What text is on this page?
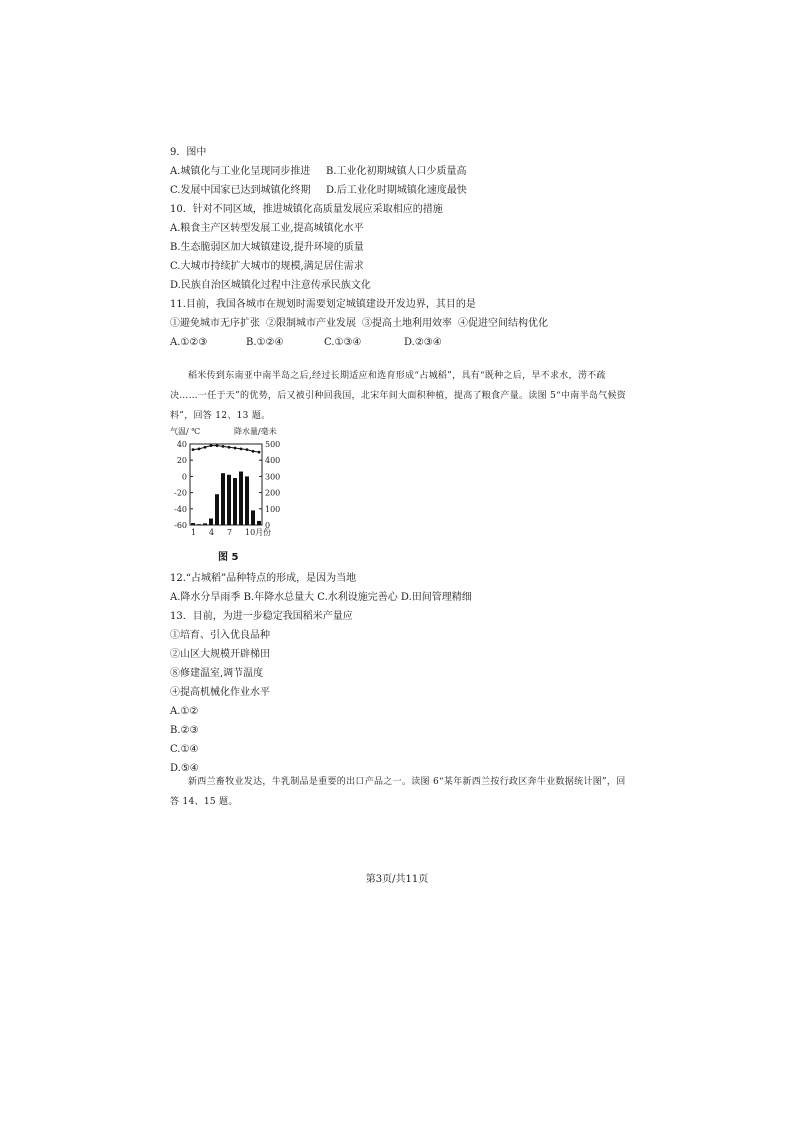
9．图中
A.城镇化与工业化呈现同步推进 B.工业化初期城镇人口少质量高
C.发展中国家已达到城镇化终期 D.后工业化时期城镇化速度最快
10．针对不同区域，推进城镇化高质量发展应采取相应的措施
A.粮食主产区转型发展工业,提高城镇化水平
B.生态脆弱区加大城镇建设,提升环境的质量
C.大城市持续扩大城市的规模,满足居住需求
D.民族自治区城镇化过程中注意传承民族文化
11.目前，我国各城市在规划时需要划定城镇建设开发边界，其目的是
①避免城市无序扩张 ②限制城市产业发展 ③提高土地利用效率 ④促进空间结构优化
A.①②③	B.①②④	C.①③④	D.②③④
稻米传到东南亚中南半岛之后,经过长期适应和选育形成“占城稻”，具有“既种之后，旱不求水，涝不疏决……一任于天”的优势，后又被引种回我国，北宋年间大面积种植，提高了粮食产量。读图 5“中南半岛气候资料”，回答 12、13 题。
气温/ ℃	降水量/毫米
40
20
0
-20
-40
-60
500
400
300
200
100
0
1 4 7 10月份
图 5
12.“占城稻”品种特点的形成，是因为当地
A.降水分旱雨季 B.年降水总量大 C.水利设施完善心 D.田间管理精细
13．目前，为进一步稳定我国稻米产量应
①培育、引入优良品种
②山区大规模开辟梯田
⑧修建温室,调节温度
④提高机械化作业水平
A.①②
B.②③
C.①④
D.⑤④
新西兰畜牧业发达，牛乳制品是重要的出口产品之一。读图 6“某年新西兰按行政区奔牛业数据统计图”，回答 14、15 题。
第3页/共11页
